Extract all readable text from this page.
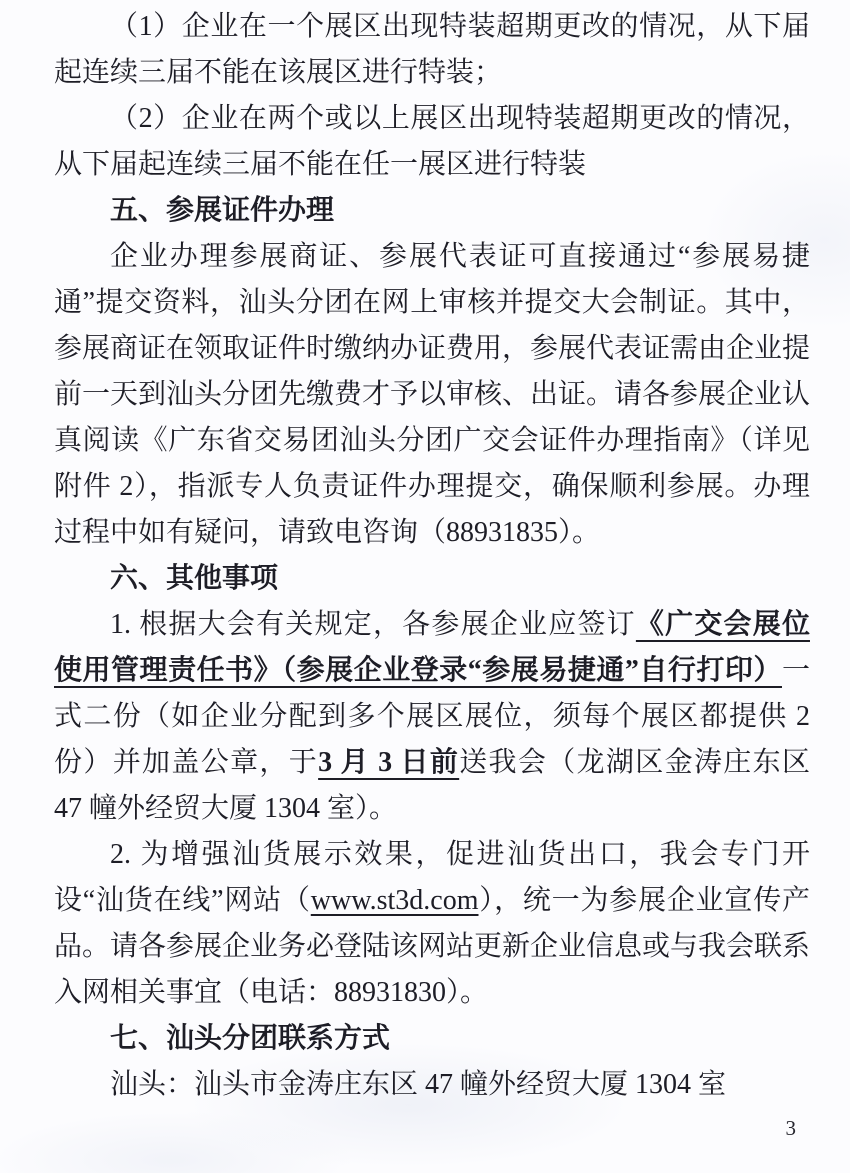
（1）企业在一个展区出现特装超期更改的情况，从下届起连续三届不能在该展区进行特装；

（2）企业在两个或以上展区出现特装超期更改的情况，从下届起连续三届不能在任一展区进行特装

五、参展证件办理

企业办理参展商证、参展代表证可直接通过“参展易捷通”提交资料，汕头分团在网上审核并提交大会制证。其中，参展商证在领取证件时缴纳办证费用，参展代表证需由企业提前一天到汕头分团先缴费才予以审核、出证。请各参展企业认真阅读《广东省交易团汕头分团广交会证件办理指南》（详见附件 2），指派专人负责证件办理提交，确保顺利参展。办理过程中如有疑问，请致电咨询（88931835）。

六、其他事项

1. 根据大会有关规定，各参展企业应签订《广交会展位使用管理责任书》（参展企业登录“参展易捷通”自行打印）一式二份（如企业分配到多个展区展位，须每个展区都提供 2 份）并加盖公章，于3 月 3 日前送我会（龙湖区金涛庄东区 47 幢外经贸大厦 1304 室）。

2. 为增强汕货展示效果，促进汕货出口，我会专门开设“汕货在线”网站（www.st3d.com），统一为参展企业宣传产品。请各参展企业务必登陆该网站更新企业信息或与我会联系入网相关事宜（电话：88931830）。

七、汕头分团联系方式

汕头：汕头市金涛庄东区 47 幢外经贸大厦 1304 室

3
